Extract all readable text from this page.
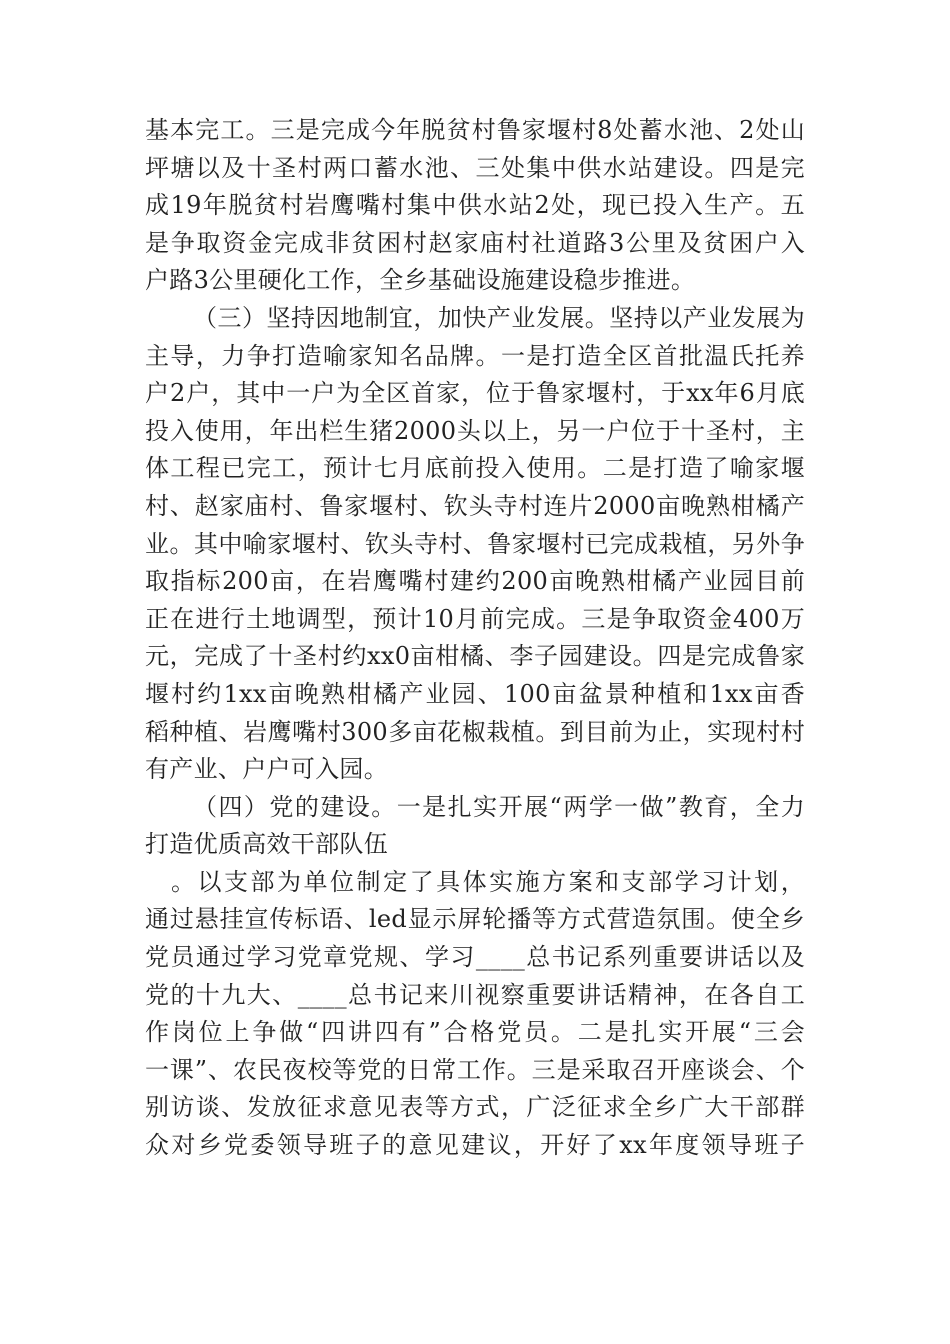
基本完工。三是完成今年脱贫村鲁家堰村8处蓄水池、2处山
坪塘以及十圣村两口蓄水池、三处集中供水站建设。四是完
成19年脱贫村岩鹰嘴村集中供水站2处，现已投入生产。五
是争取资金完成非贫困村赵家庙村社道路3公里及贫困户入
户路3公里硬化工作，全乡基础设施建设稳步推进。
（三）坚持因地制宜，加快产业发展。坚持以产业发展为
主导，力争打造喻家知名品牌。一是打造全区首批温氏托养
户2户，其中一户为全区首家，位于鲁家堰村，于xx年6月底
投入使用，年出栏生猪2000头以上，另一户位于十圣村，主
体工程已完工，预计七月底前投入使用。二是打造了喻家堰
村、赵家庙村、鲁家堰村、钦头寺村连片2000亩晚熟柑橘产
业。其中喻家堰村、钦头寺村、鲁家堰村已完成栽植，另外争
取指标200亩，在岩鹰嘴村建约200亩晚熟柑橘产业园目前
正在进行土地调型，预计10月前完成。三是争取资金400万
元，完成了十圣村约xx0亩柑橘、李子园建设。四是完成鲁家
堰村约1xx亩晚熟柑橘产业园、100亩盆景种植和1xx亩香
稻种植、岩鹰嘴村300多亩花椒栽植。到目前为止，实现村村
有产业、户户可入园。
（四）党的建设。一是扎实开展“两学一做”教育，全力
打造优质高效干部队伍
。以支部为单位制定了具体实施方案和支部学习计划，
通过悬挂宣传标语、led显示屏轮播等方式营造氛围。使全乡
党员通过学习党章党规、学习____总书记系列重要讲话以及
党的十九大、____总书记来川视察重要讲话精神，在各自工
作岗位上争做“四讲四有”合格党员。二是扎实开展“三会
一课”、农民夜校等党的日常工作。三是采取召开座谈会、个
别访谈、发放征求意见表等方式，广泛征求全乡广大干部群
众对乡党委领导班子的意见建议，开好了xx年度领导班子
